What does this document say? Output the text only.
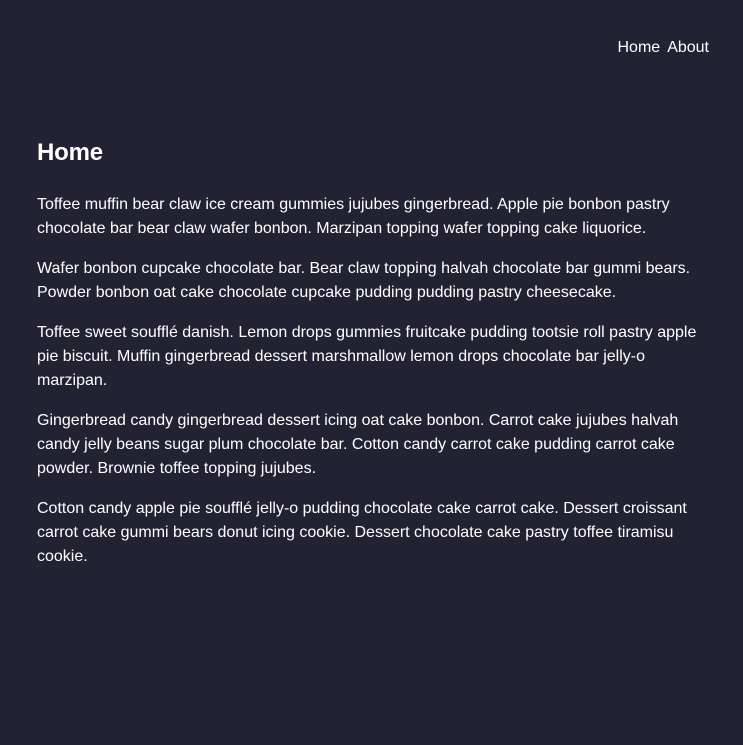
Home About
Home

Toffee muffin bear claw ice cream gummies jujubes gingerbread. Apple pie bonbon pastry chocolate bar bear claw wafer bonbon. Marzipan topping wafer topping cake liquorice.

Wafer bonbon cupcake chocolate bar. Bear claw topping halvah chocolate bar gummi bears. Powder bonbon oat cake chocolate cupcake pudding pudding pastry cheesecake.

Toffee sweet soufflé danish. Lemon drops gummies fruitcake pudding tootsie roll pastry apple pie biscuit. Muffin gingerbread dessert marshmallow lemon drops chocolate bar jelly-o marzipan.

Gingerbread candy gingerbread dessert icing oat cake bonbon. Carrot cake jujubes halvah candy jelly beans sugar plum chocolate bar. Cotton candy carrot cake pudding carrot cake powder. Brownie toffee topping jujubes.

Cotton candy apple pie soufflé jelly-o pudding chocolate cake carrot cake. Dessert croissant carrot cake gummi bears donut icing cookie. Dessert chocolate cake pastry toffee tiramisu cookie.
